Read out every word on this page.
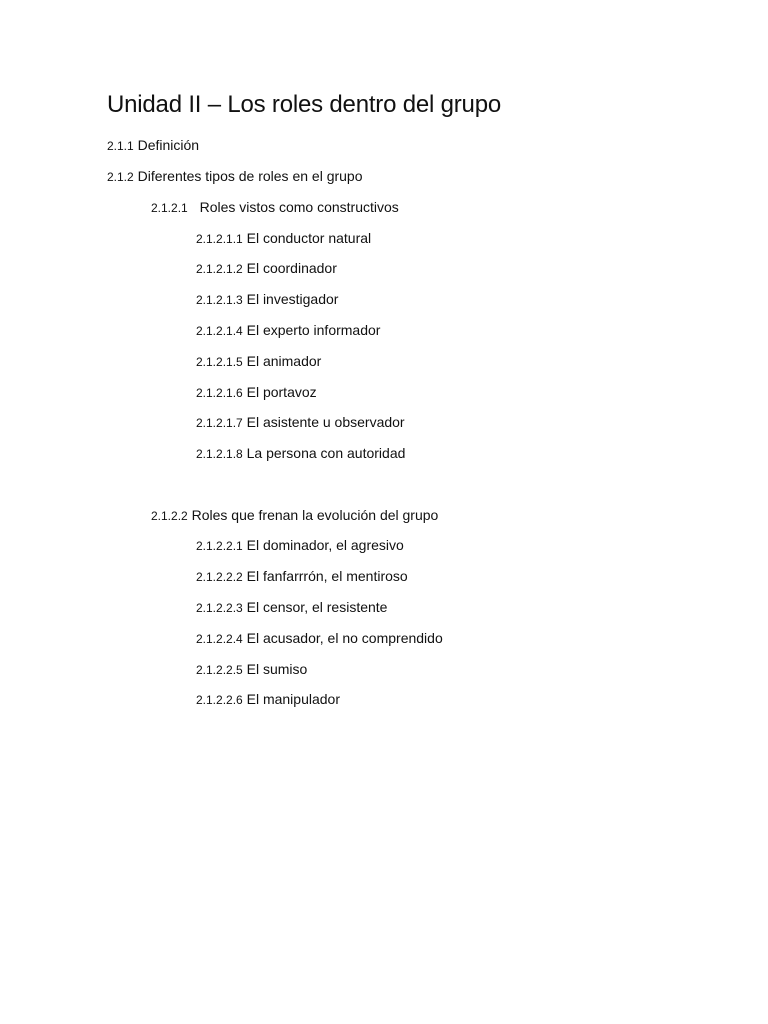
Unidad II – Los roles dentro del grupo
2.1.1 Definición
2.1.2 Diferentes tipos de roles en el grupo
2.1.2.1 Roles vistos como constructivos
2.1.2.1.1 El conductor natural
2.1.2.1.2 El coordinador
2.1.2.1.3 El investigador
2.1.2.1.4 El experto informador
2.1.2.1.5 El animador
2.1.2.1.6 El portavoz
2.1.2.1.7 El asistente u observador
2.1.2.1.8 La persona con autoridad
2.1.2.2 Roles que frenan la evolución del grupo
2.1.2.2.1 El dominador, el agresivo
2.1.2.2.2 El fanfarrrón, el mentiroso
2.1.2.2.3 El censor, el resistente
2.1.2.2.4 El acusador, el no comprendido
2.1.2.2.5 El sumiso
2.1.2.2.6 El manipulador
